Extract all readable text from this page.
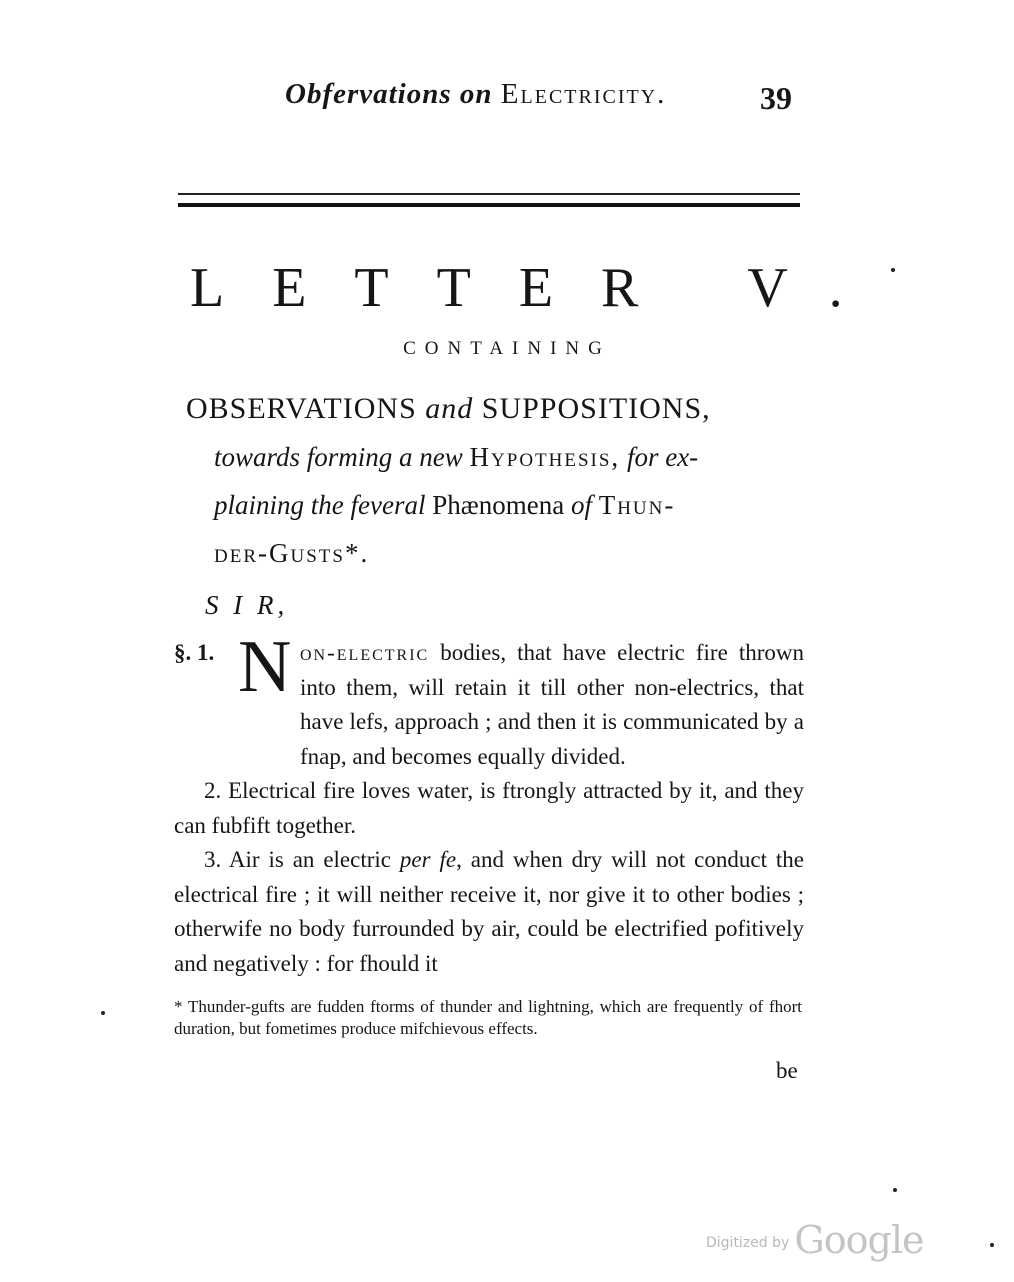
Obfervations on Electricity.	39
LETTER V.
CONTAINING
OBSERVATIONS and SUPPOSITIONS,
towards forming a new Hypothesis, for ex-
plaining the feveral Phænomena of Thun-
der-Gusts*.
S I R,
§. 1. N on-electric bodies, that have electric fire thrown into them, will retain it till other non-electrics, that have lefs, approach ; and then it is communicated by a fnap, and becomes equally divided.
2. Electrical fire loves water, is ftrongly attracted by it, and they can fubfift together.
3. Air is an electric per fe, and when dry will not conduct the electrical fire ; it will neither receive it, nor give it to other bodies ; otherwife no body furrounded by air, could be electrified pofitively and negatively : for fhould it
* Thunder-gufts are fudden ftorms of thunder and lightning, which are frequently of fhort duration, but fometimes produce mifchievous effects.
be
Digitized by Google
